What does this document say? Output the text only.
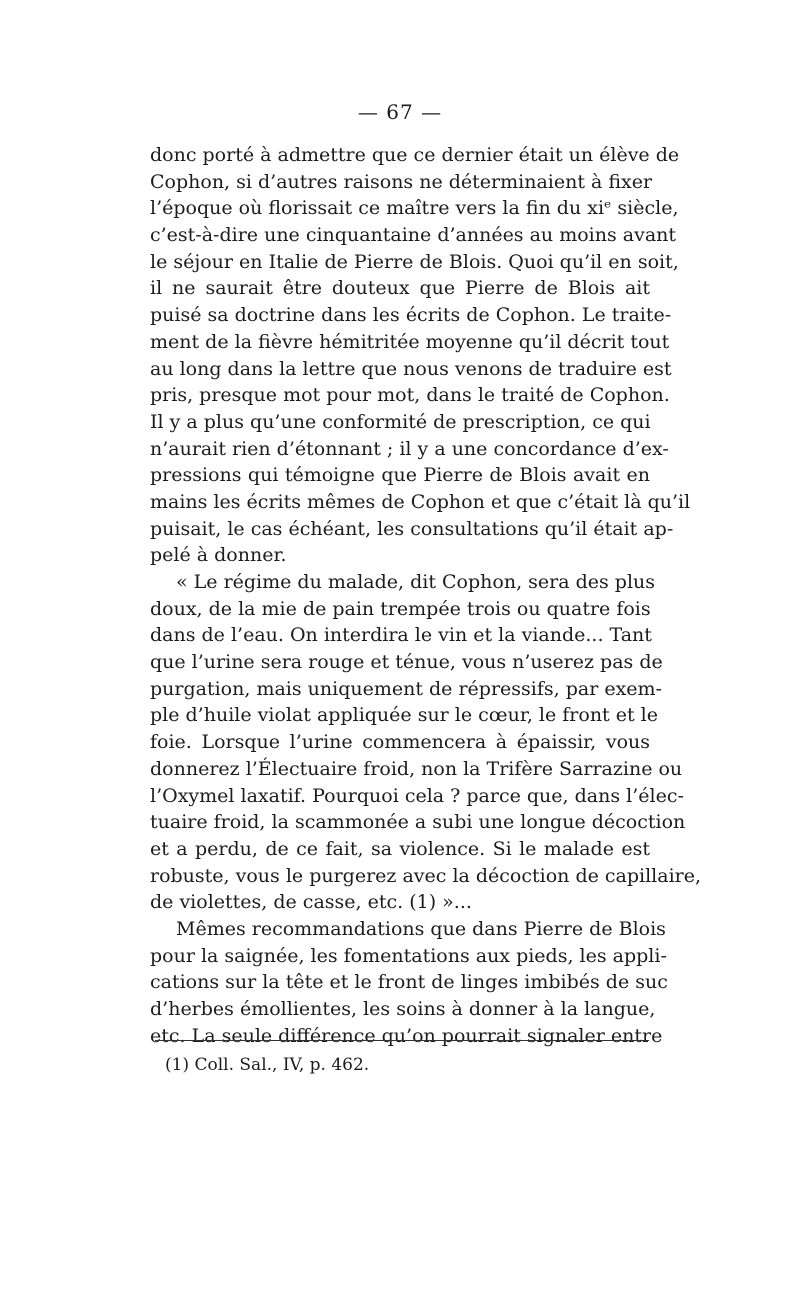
— 67 —
donc porté à admettre que ce dernier était un élève de
Cophon, si d’autres raisons ne déterminaient à fixer
l’époque où florissait ce maître vers la fin du xiᵉ siècle,
c’est-à-dire une cinquantaine d’années au moins avant
le séjour en Italie de Pierre de Blois. Quoi qu’il en soit,
il ne saurait être douteux que Pierre de Blois ait
puisé sa doctrine dans les écrits de Cophon. Le traite-
ment de la fièvre hémitritée moyenne qu’il décrit tout
au long dans la lettre que nous venons de traduire est
pris, presque mot pour mot, dans le traité de Cophon.
Il y a plus qu’une conformité de prescription, ce qui
n’aurait rien d’étonnant ; il y a une concordance d’ex-
pressions qui témoigne que Pierre de Blois avait en
mains les écrits mêmes de Cophon et que c’était là qu’il
puisait, le cas échéant, les consultations qu’il était ap-
pelé à donner.
« Le régime du malade, dit Cophon, sera des plus
doux, de la mie de pain trempée trois ou quatre fois
dans de l’eau. On interdira le vin et la viande... Tant
que l’urine sera rouge et ténue, vous n’userez pas de
purgation, mais uniquement de répressifs, par exem-
ple d’huile violat appliquée sur le cœur, le front et le
foie. Lorsque l’urine commencera à épaissir, vous
donnerez l’Électuaire froid, non la Trifère Sarrazine ou
l’Oxymel laxatif. Pourquoi cela ? parce que, dans l’élec-
tuaire froid, la scammonée a subi une longue décoction
et a perdu, de ce fait, sa violence. Si le malade est
robuste, vous le purgerez avec la décoction de capillaire,
de violettes, de casse, etc. (1) »...
Mêmes recommandations que dans Pierre de Blois
pour la saignée, les fomentations aux pieds, les appli-
cations sur la tête et le front de linges imbibés de suc
d’herbes émollientes, les soins à donner à la langue,
etc. La seule différence qu’on pourrait signaler entre
(1) Coll. Sal., IV, p. 462.
